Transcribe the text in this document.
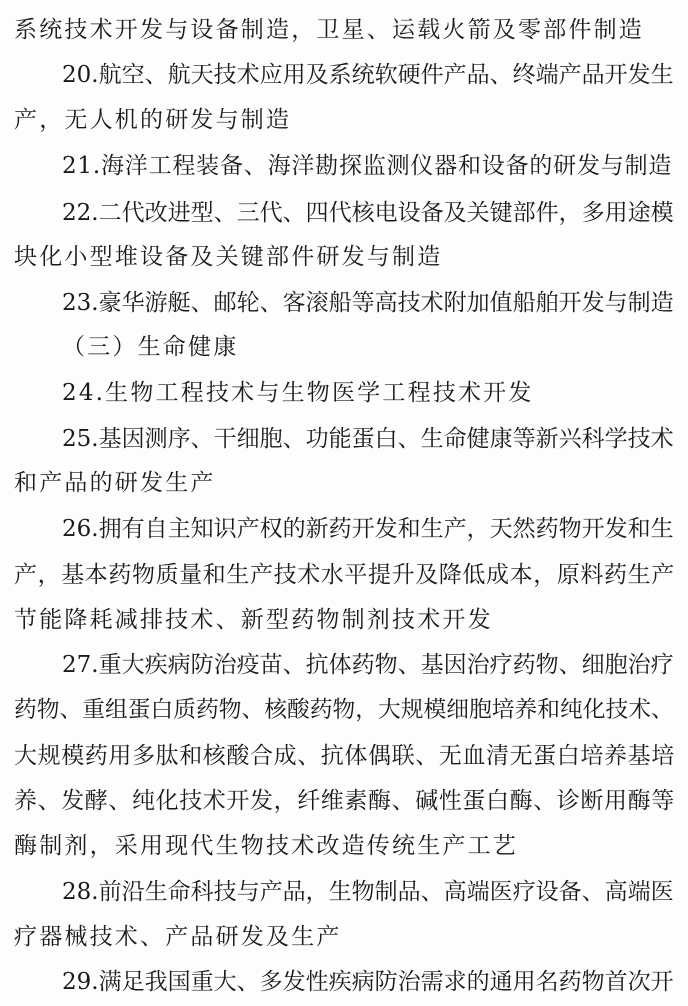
系统技术开发与设备制造，卫星、运载火箭及零部件制造
20.航空、航天技术应用及系统软硬件产品、终端产品开发生
产，无人机的研发与制造
21.海洋工程装备、海洋勘探监测仪器和设备的研发与制造
22.二代改进型、三代、四代核电设备及关键部件，多用途模
块化小型堆设备及关键部件研发与制造
23.豪华游艇、邮轮、客滚船等高技术附加值船舶开发与制造
（三）生命健康
24.生物工程技术与生物医学工程技术开发
25.基因测序、干细胞、功能蛋白、生命健康等新兴科学技术
和产品的研发生产
26.拥有自主知识产权的新药开发和生产，天然药物开发和生
产，基本药物质量和生产技术水平提升及降低成本，原料药生产
节能降耗减排技术、新型药物制剂技术开发
27.重大疾病防治疫苗、抗体药物、基因治疗药物、细胞治疗
药物、重组蛋白质药物、核酸药物，大规模细胞培养和纯化技术、
大规模药用多肽和核酸合成、抗体偶联、无血清无蛋白培养基培
养、发酵、纯化技术开发，纤维素酶、碱性蛋白酶、诊断用酶等
酶制剂，采用现代生物技术改造传统生产工艺
28.前沿生命科技与产品，生物制品、高端医疗设备、高端医
疗器械技术、产品研发及生产
29.满足我国重大、多发性疾病防治需求的通用名药物首次开
